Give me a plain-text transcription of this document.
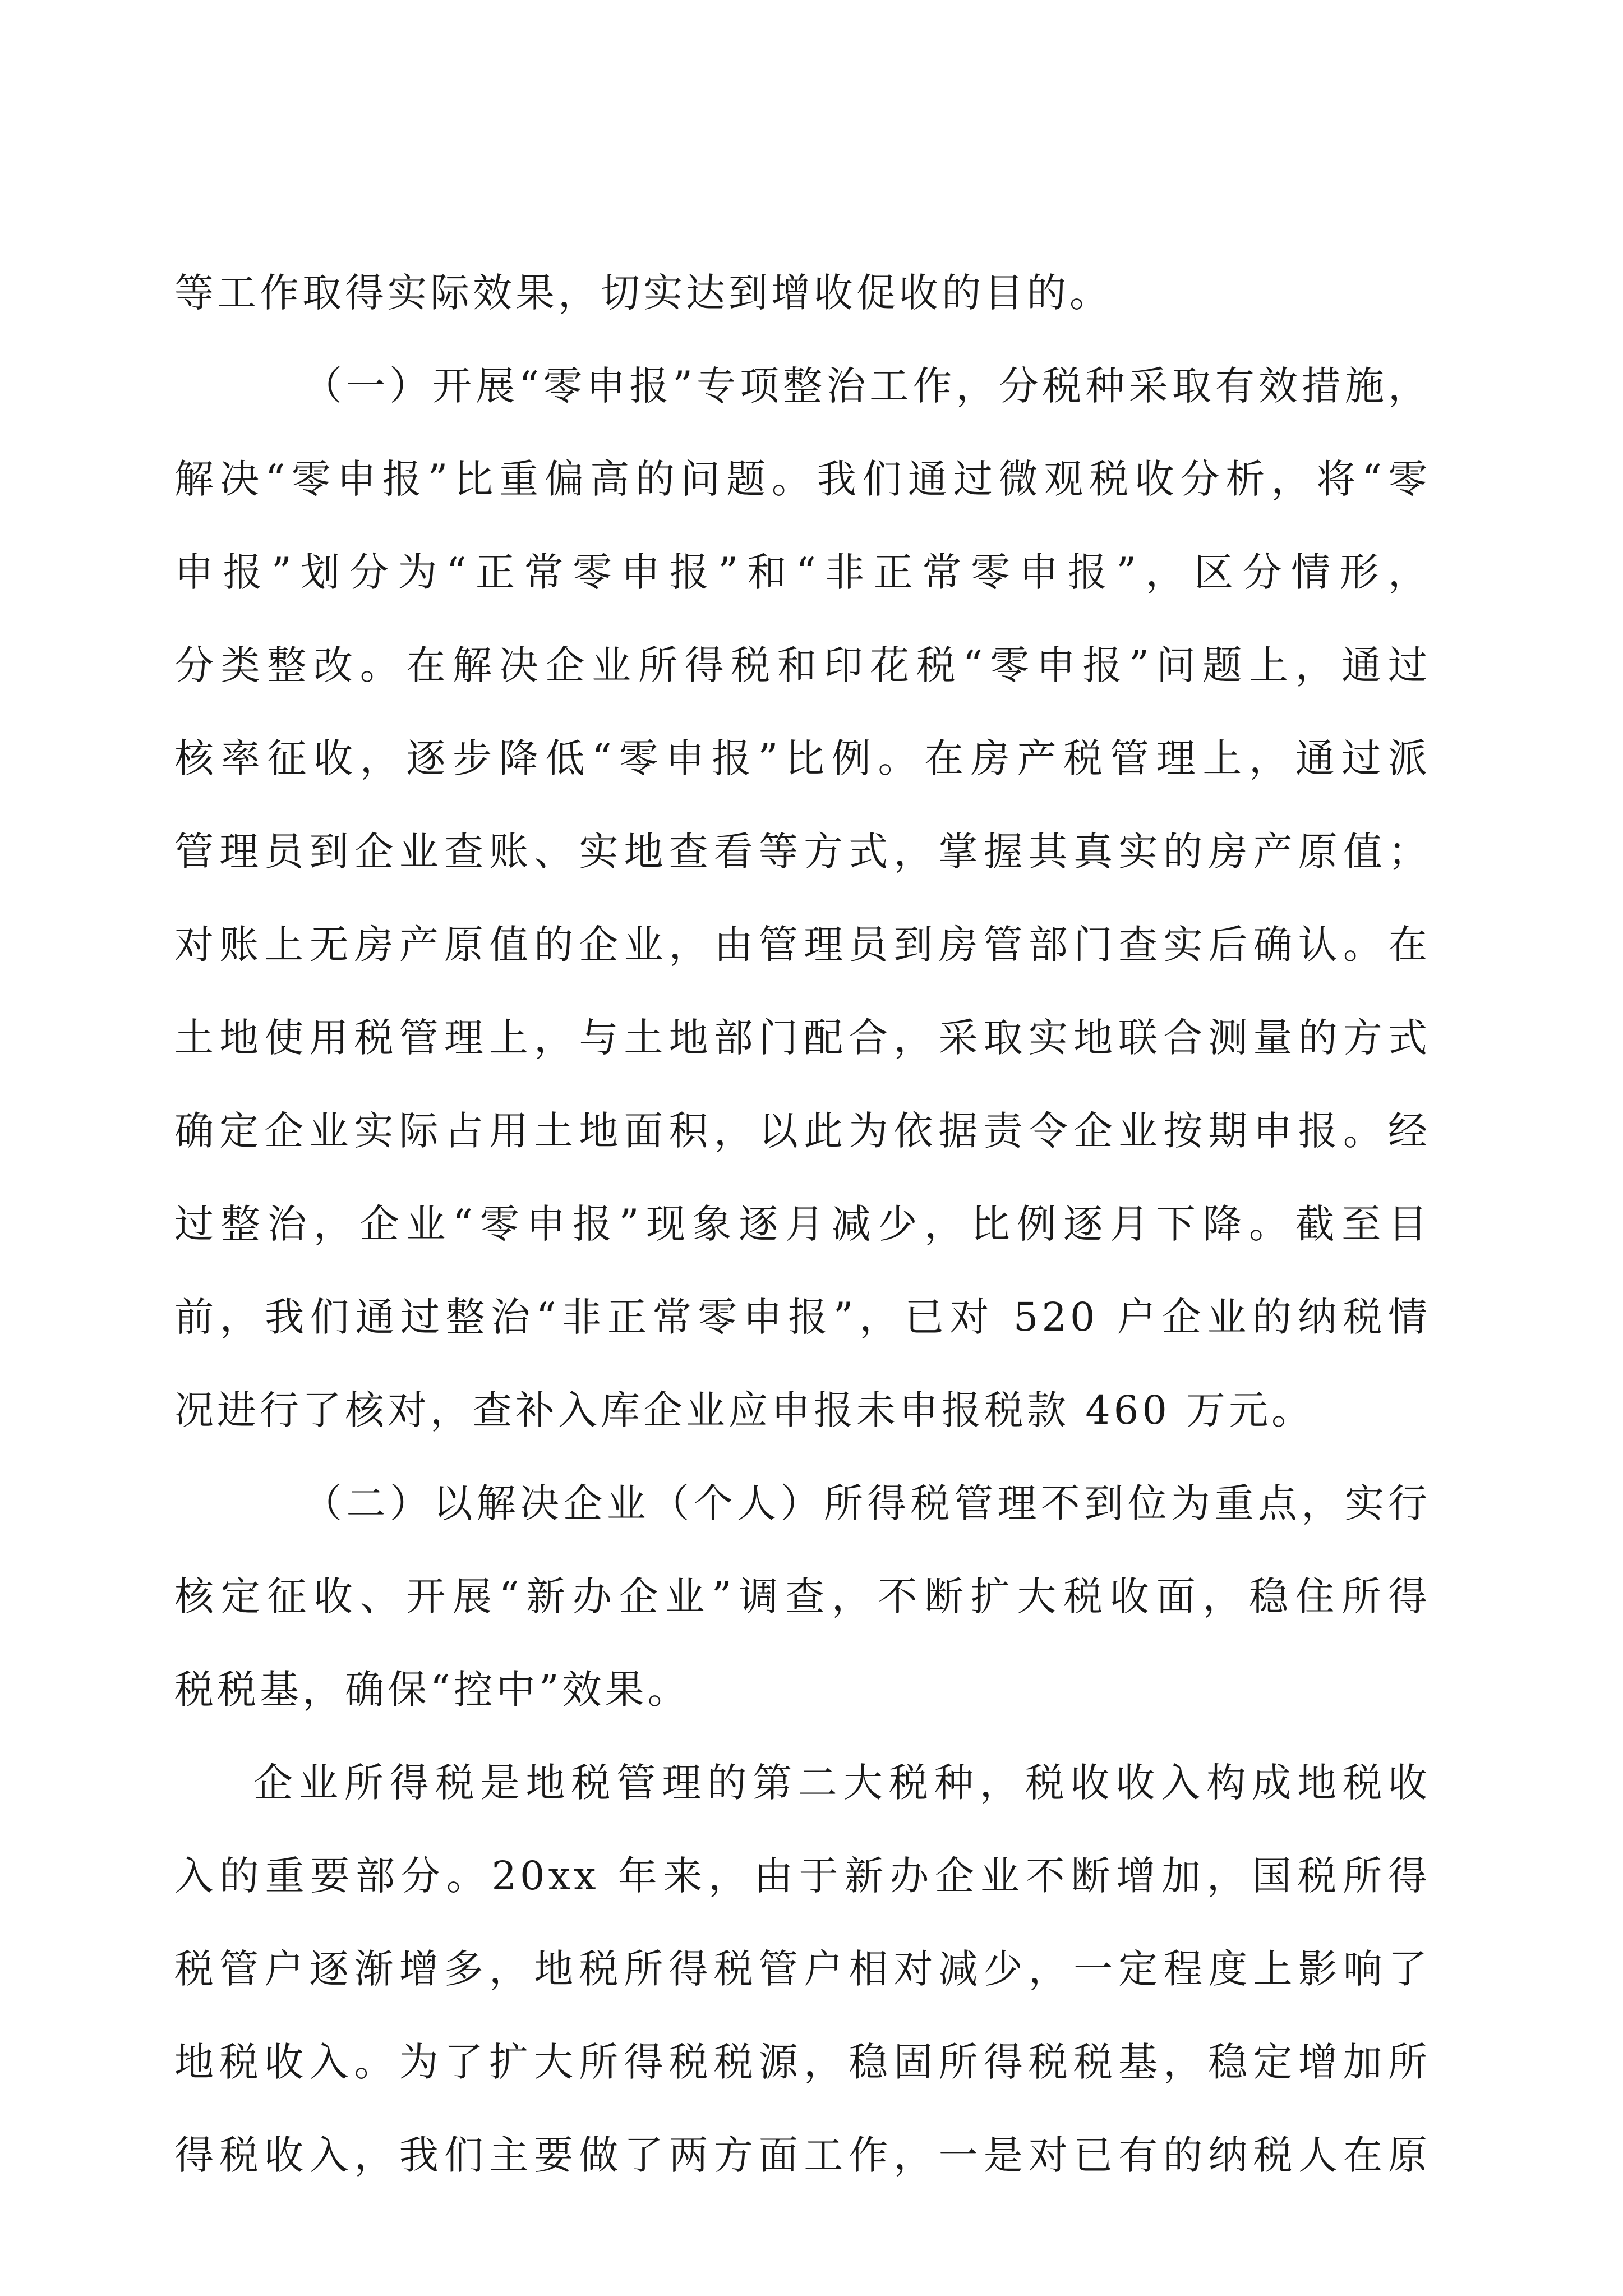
等工作取得实际效果，切实达到增收促收的目的。
（一）开展“零申报”专项整治工作，分税种采取有效措施，
解决“零申报”比重偏高的问题。我们通过微观税收分析，将“零
申报”划分为“正常零申报”和“非正常零申报”，区分情形，
分类整改。在解决企业所得税和印花税“零申报”问题上，通过
核率征收，逐步降低“零申报”比例。在房产税管理上，通过派
管理员到企业查账、实地查看等方式，掌握其真实的房产原值；
对账上无房产原值的企业，由管理员到房管部门查实后确认。在
土地使用税管理上，与土地部门配合，采取实地联合测量的方式
确定企业实际占用土地面积，以此为依据责令企业按期申报。经
过整治，企业“零申报”现象逐月减少，比例逐月下降。截至目
前，我们通过整治“非正常零申报”，已对 520 户企业的纳税情
况进行了核对，查补入库企业应申报未申报税款 460 万元。
（二）以解决企业（个人）所得税管理不到位为重点，实行
核定征收、开展“新办企业”调查，不断扩大税收面，稳住所得
税税基，确保“控中”效果。
企业所得税是地税管理的第二大税种，税收收入构成地税收
入的重要部分。20xx 年来，由于新办企业不断增加，国税所得
税管户逐渐增多，地税所得税管户相对减少，一定程度上影响了
地税收入。为了扩大所得税税源，稳固所得税税基，稳定增加所
得税收入，我们主要做了两方面工作，一是对已有的纳税人在原
